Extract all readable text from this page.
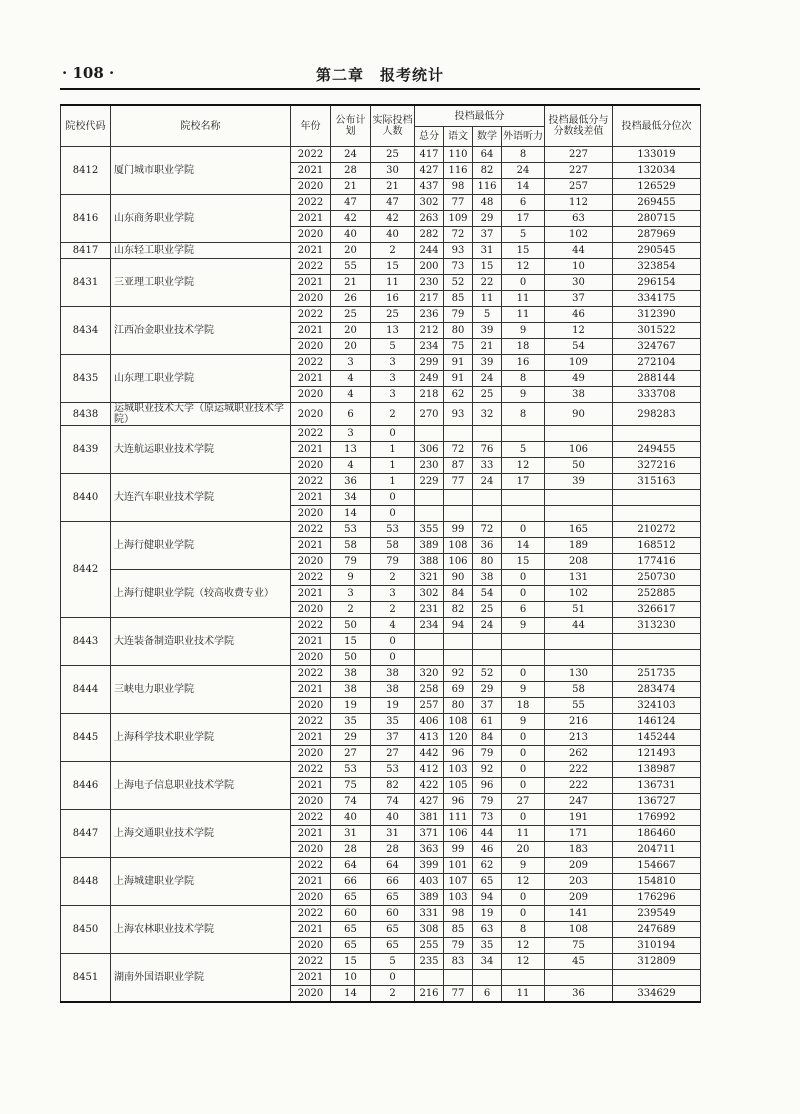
· 108 ·	第二章　报考统计
院校代码	院校名称	年份	公布计划	实际投档人数	投档最低分				投档最低分与分数线差值	投档最低分位次
					总分	语文	数学	外语听力		
8412	厦门城市职业学院	2022	24	25	417	110	64	8	227	133019
		2021	28	30	427	116	82	24	227	132034
		2020	21	21	437	98	116	14	257	126529
8416	山东商务职业学院	2022	47	47	302	77	48	6	112	269455
		2021	42	42	263	109	29	17	63	280715
		2020	40	40	282	72	37	5	102	287969
8417	山东轻工职业学院	2021	20	2	244	93	31	15	44	290545
8431	三亚理工职业学院	2022	55	15	200	73	15	12	10	323854
		2021	21	11	230	52	22	0	30	296154
		2020	26	16	217	85	11	11	37	334175
8434	江西冶金职业技术学院	2022	25	25	236	79	5	11	46	312390
		2021	20	13	212	80	39	9	12	301522
		2020	20	5	234	75	21	18	54	324767
8435	山东理工职业学院	2022	3	3	299	91	39	16	109	272104
		2021	4	3	249	91	24	8	49	288144
		2020	4	3	218	62	25	9	38	333708
8438	运城职业技术大学（原运城职业技术学院）	2020	6	2	270	93	32	8	90	298283
8439	大连航运职业技术学院	2022	3	0						
		2021	13	1	306	72	76	5	106	249455
		2020	4	1	230	87	33	12	50	327216
8440	大连汽车职业技术学院	2022	36	1	229	77	24	17	39	315163
		2021	34	0						
		2020	14	0						
8442	上海行健职业学院	2022	53	53	355	99	72	0	165	210272
		2021	58	58	389	108	36	14	189	168512
		2020	79	79	388	106	80	15	208	177416
	上海行健职业学院（较高收费专业）	2022	9	2	321	90	38	0	131	250730
		2021	3	3	302	84	54	0	102	252885
		2020	2	2	231	82	25	6	51	326617
8443	大连装备制造职业技术学院	2022	50	4	234	94	24	9	44	313230
		2021	15	0						
		2020	50	0						
8444	三峡电力职业学院	2022	38	38	320	92	52	0	130	251735
		2021	38	38	258	69	29	9	58	283474
		2020	19	19	257	80	37	18	55	324103
8445	上海科学技术职业学院	2022	35	35	406	108	61	9	216	146124
		2021	29	37	413	120	84	0	213	145244
		2020	27	27	442	96	79	0	262	121493
8446	上海电子信息职业技术学院	2022	53	53	412	103	92	0	222	138987
		2021	75	82	422	105	96	0	222	136731
		2020	74	74	427	96	79	27	247	136727
8447	上海交通职业技术学院	2022	40	40	381	111	73	0	191	176992
		2021	31	31	371	106	44	11	171	186460
		2020	28	28	363	99	46	20	183	204711
8448	上海城建职业学院	2022	64	64	399	101	62	9	209	154667
		2021	66	66	403	107	65	12	203	154810
		2020	65	65	389	103	94	0	209	176296
8450	上海农林职业技术学院	2022	60	60	331	98	19	0	141	239549
		2021	65	65	308	85	63	8	108	247689
		2020	65	65	255	79	35	12	75	310194
8451	湖南外国语职业学院	2022	15	5	235	83	34	12	45	312809
		2021	10	0						
		2020	14	2	216	77	6	11	36	334629
